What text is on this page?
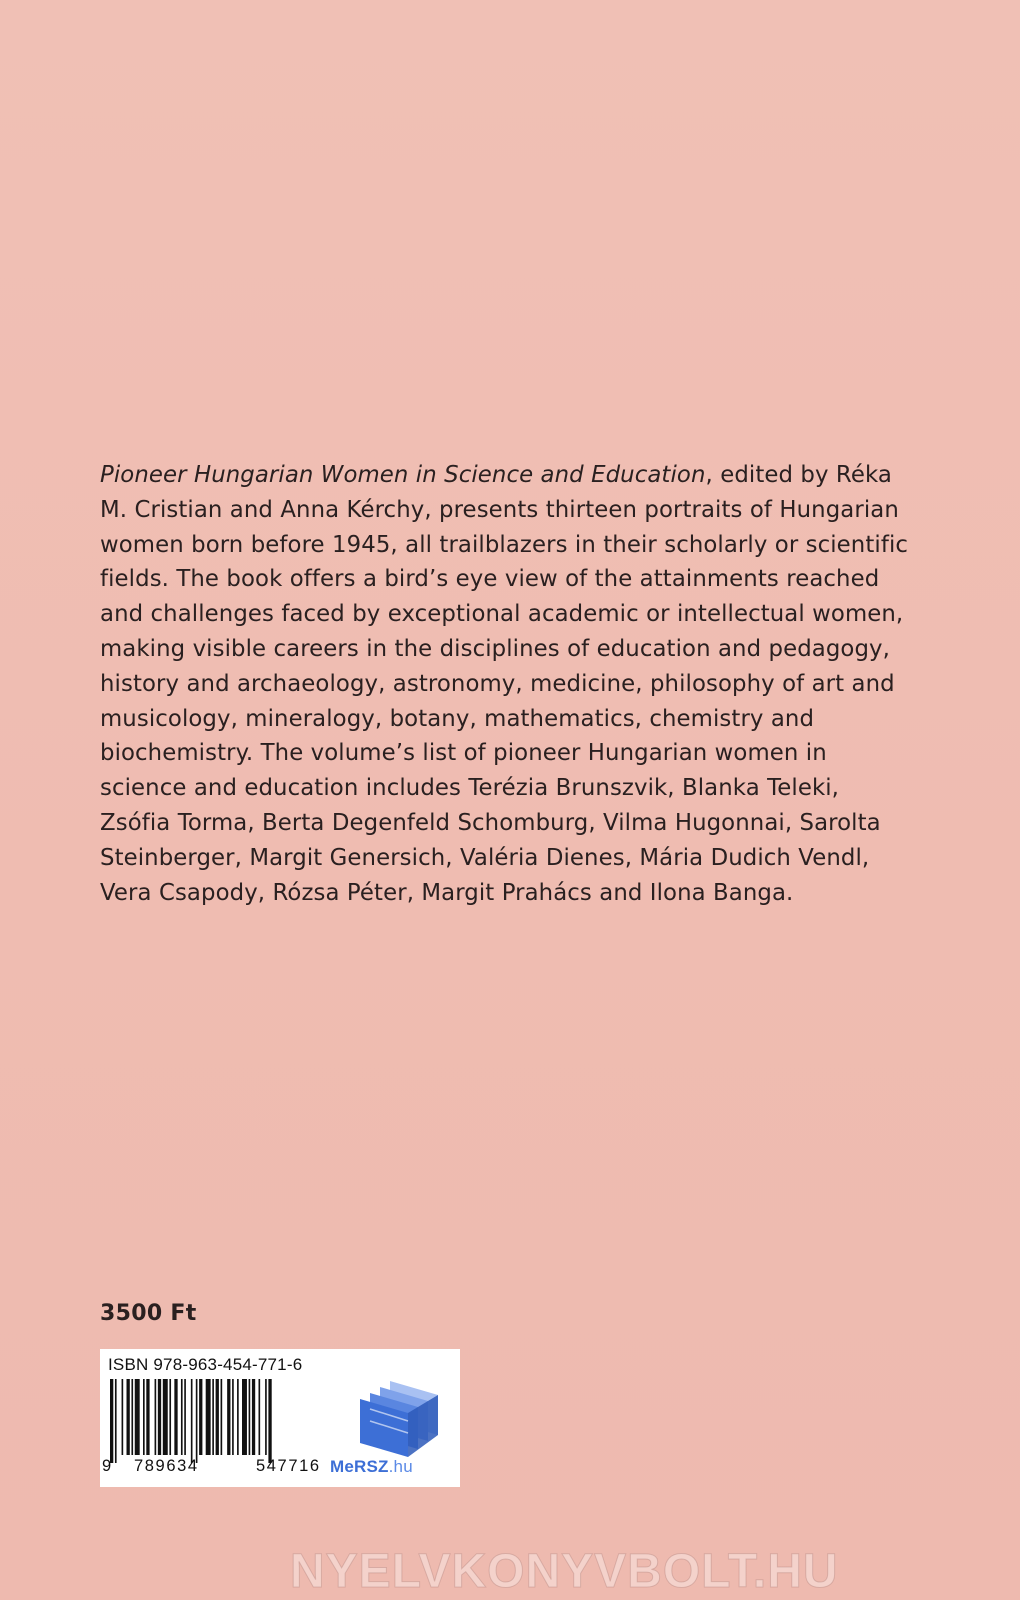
Pioneer Hungarian Women in Science and Education, edited by Réka M. Cristian and Anna Kérchy, presents thirteen portraits of Hungarian women born before 1945, all trailblazers in their scholarly or scientific fields. The book offers a bird’s eye view of the attainments reached and challenges faced by exceptional academic or intellectual women, making visible careers in the disciplines of education and pedagogy, history and archaeology, astronomy, medicine, philosophy of art and musicology, mineralogy, botany, mathematics, chemistry and biochemistry. The volume’s list of pioneer Hungarian women in science and education includes Terézia Brunszvik, Blanka Teleki, Zsófia Torma, Berta Degenfeld Schomburg, Vilma Hugonnai, Sarolta Steinberger, Margit Genersich, Valéria Dienes, Mária Dudich Vendl, Vera Csapody, Rózsa Péter, Margit Prahács and Ilona Banga.

3500 Ft
ISBN 978-963-454-771-6
9 789634	547716 MeRSZ.hu
NYELVKONYVBOLT.HU
